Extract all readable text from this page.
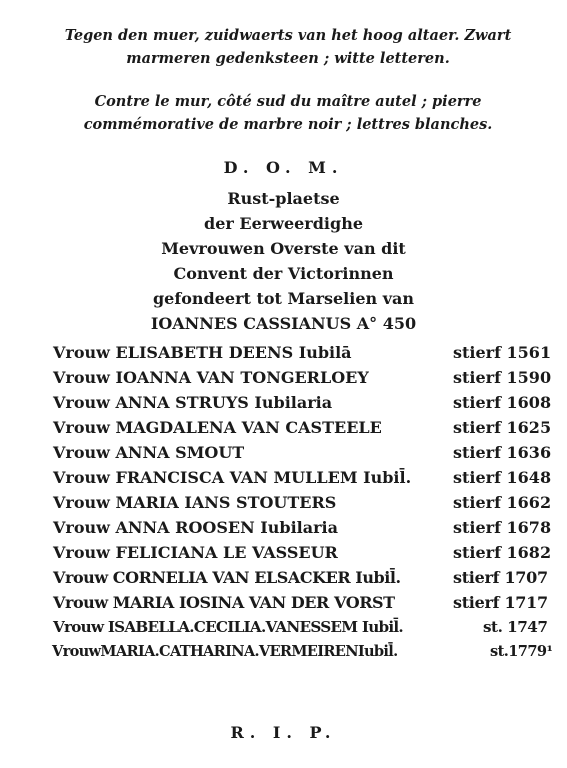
Tegen den muer, zuidwaerts van het hoog altaer. Zwart marmeren gedenksteen ; witte letteren.
Contre le mur, côté sud du maître autel ; pierre commémorative de marbre noir ; lettres blanches.
D. O. M.
Rust-plaetse
der Eerweerdighe
Mevrouwen Overste van dit
Convent der Victorinnen
gefondeert tot Marselien van
IOANNES CASSIANUS A° 450
Vrouw ELISABETH DEENS Iubilā	stierf 1561
Vrouw IOANNA VAN TONGERLOEY	stierf 1590
Vrouw ANNA STRUYS Iubilaria	stierf 1608
Vrouw MAGDALENA VAN CASTEELE	stierf 1625
Vrouw ANNA SMOUT	stierf 1636
Vrouw FRANCISCA VAN MULLEM Iubil̄.	stierf 1648
Vrouw MARIA IANS STOUTERS	stierf 1662
Vrouw ANNA ROOSEN Iubilaria	stierf 1678
Vrouw FELICIANA LE VASSEUR	stierf 1682
Vrouw CORNELIA VAN ELSACKER Iubil̄.	stierf 1707
Vrouw MARIA IOSINA VAN DER VORST	stierf 1717
Vrouw ISABELLA.CECILIA.VANESSEM Iubil̄.	st. 1747
VrouwMARIA.CATHARINA.VERMEIRENIubil̄.	st.1779¹
R. I. P.
